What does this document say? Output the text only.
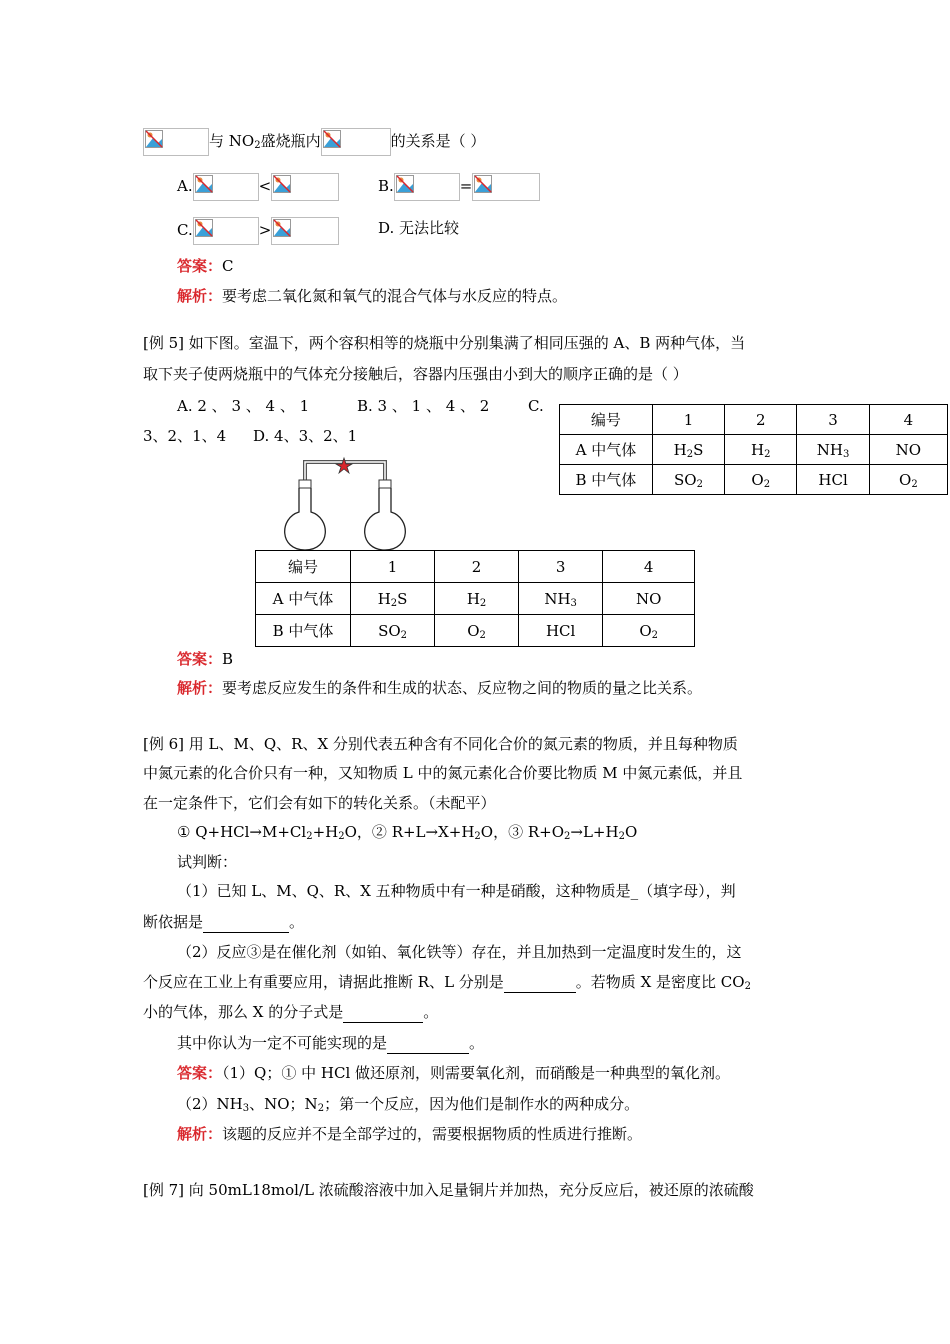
与 $NO_2$盛烧瓶内	的关系是（ ）
A.	<	B.	=
C.	>	D. 无法比较
答案：C
解析：要考虑二氧化氮和氧气的混合气体与水反应的特点。
[例 5] 如下图。室温下，两个容积相等的烧瓶中分别集满了相同压强的 A、B 两种气体，当
取下夹子使两烧瓶中的气体充分接触后，容器内压强由小到大的顺序正确的是（ ）
A. 2 、 3 、 4 、 1	B. 3 、 1 、 4 、 2	C.
3、2、1、4 D. 4、3、2、1
编号	1	2	3	4
A 中气体	$H_2S$	$H_2$	$NH_3$	NO
B 中气体	$SO_2$	$O_2$	HCl	$O_2$
编号	1	2	3	4
A 中气体	$H_2S$	$H_2$	$NH_3$	NO
B 中气体	$SO_2$	$O_2$	HCl	$O_2$
答案：B
解析：要考虑反应发生的条件和生成的状态、反应物之间的物质的量之比关系。
[例 6] 用 L、M、Q、R、X 分别代表五种含有不同化合价的氮元素的物质，并且每种物质
中氮元素的化合价只有一种，又知物质 L 中的氮元素化合价要比物质 M 中氮元素低，并且
在一定条件下，它们会有如下的转化关系。（未配平）
① $Q+HCl\to M+Cl_2+H_2O$，② $R+L\to X+H_2O$，③ $R+O_2\to L+H_2O$
试判断：
（1）已知 L、M、Q、R、X 五种物质中有一种是硝酸，这种物质是_（填字母），判
断依据是	。
（2）反应③是在催化剂（如铂、氧化铁等）存在，并且加热到一定温度时发生的，这
个反应在工业上有重要应用，请据此推断 R、L 分别是	。若物质 X 是密度比 $CO_2$
小的气体，那么 X 的分子式是	。
其中你认为一定不可能实现的是	。
答案：（1）Q；① 中 HCl 做还原剂，则需要氧化剂，而硝酸是一种典型的氧化剂。
$(2)NH_3$、NO；$N_2$；第一个反应，因为他们是制作水的两种成分。
解析：该题的反应并不是全部学过的，需要根据物质的性质进行推断。
[例 7] 向 50mL18mol/L 浓硫酸溶液中加入足量铜片并加热，充分反应后，被还原的浓硫酸
